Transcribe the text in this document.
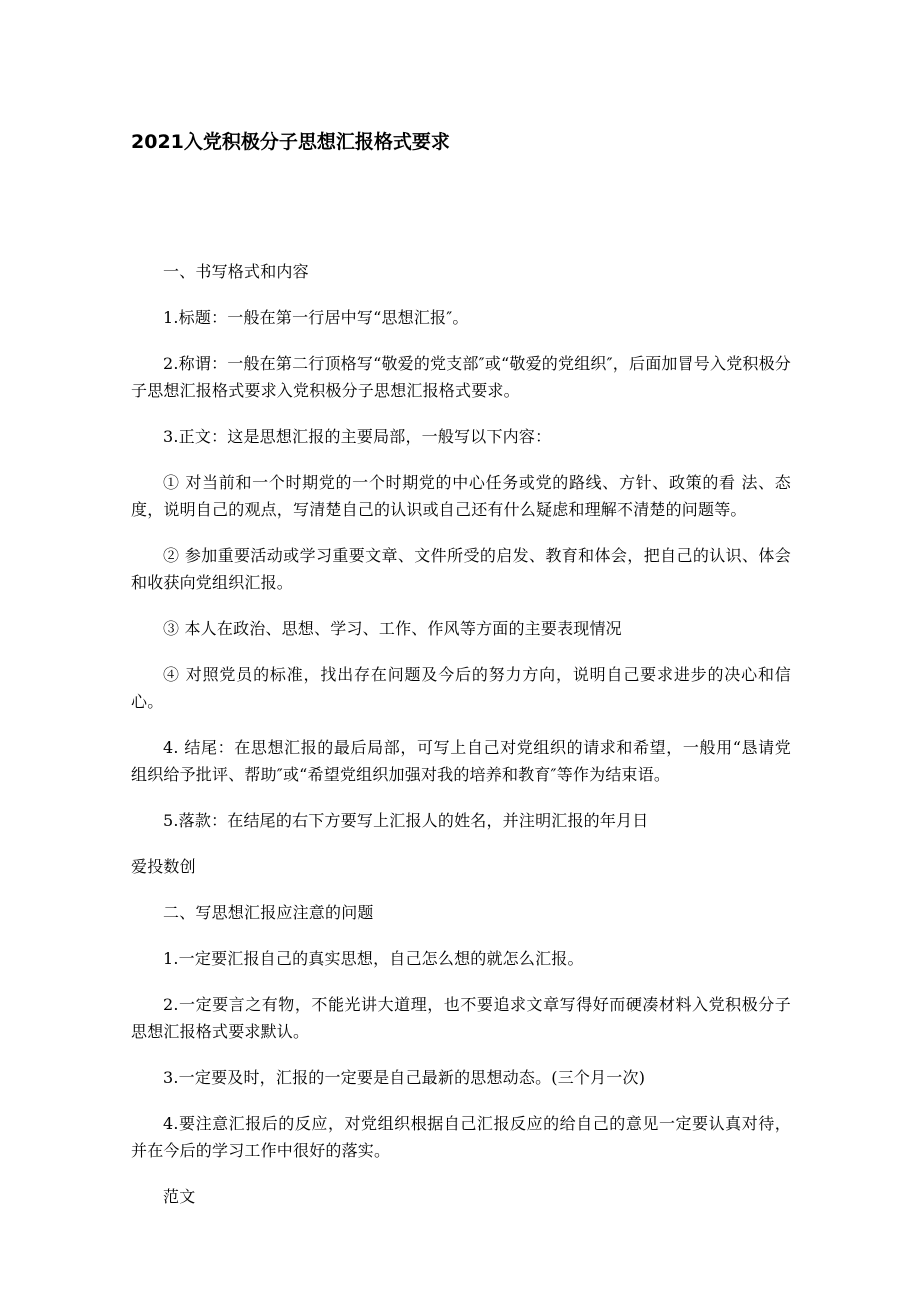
2021入党积极分子思想汇报格式要求

一、书写格式和内容

1.标题：一般在第一行居中写“思想汇报″。

2.称谓：一般在第二行顶格写“敬爱的党支部″或“敬爱的党组织″，后面加冒号入党积极分子思想汇报格式要求入党积极分子思想汇报格式要求。

3.正文：这是思想汇报的主要局部，一般写以下内容：

① 对当前和一个时期党的一个时期党的中心任务或党的路线、方针、政策的看 法、态度，说明自己的观点，写清楚自己的认识或自己还有什么疑虑和理解不清楚的问题等。

② 参加重要活动或学习重要文章、文件所受的启发、教育和体会，把自己的认识、体会和收获向党组织汇报。

③ 本人在政治、思想、学习、工作、作风等方面的主要表现情况

④ 对照党员的标准，找出存在问题及今后的努力方向，说明自己要求进步的决心和信心。

4. 结尾：在思想汇报的最后局部，可写上自己对党组织的请求和希望，一般用“恳请党组织给予批评、帮助″或“希望党组织加强对我的培养和教育″等作为结束语。

5.落款：在结尾的右下方要写上汇报人的姓名，并注明汇报的年月日

爱投数创

二、写思想汇报应注意的问题

1.一定要汇报自己的真实思想，自己怎么想的就怎么汇报。

2.一定要言之有物，不能光讲大道理，也不要追求文章写得好而硬凑材料入党积极分子思想汇报格式要求默认。

3.一定要及时，汇报的一定要是自己最新的思想动态。(三个月一次)

4.要注意汇报后的反应，对党组织根据自己汇报反应的给自己的意见一定要认真对待，并在今后的学习工作中很好的落实。

范文
